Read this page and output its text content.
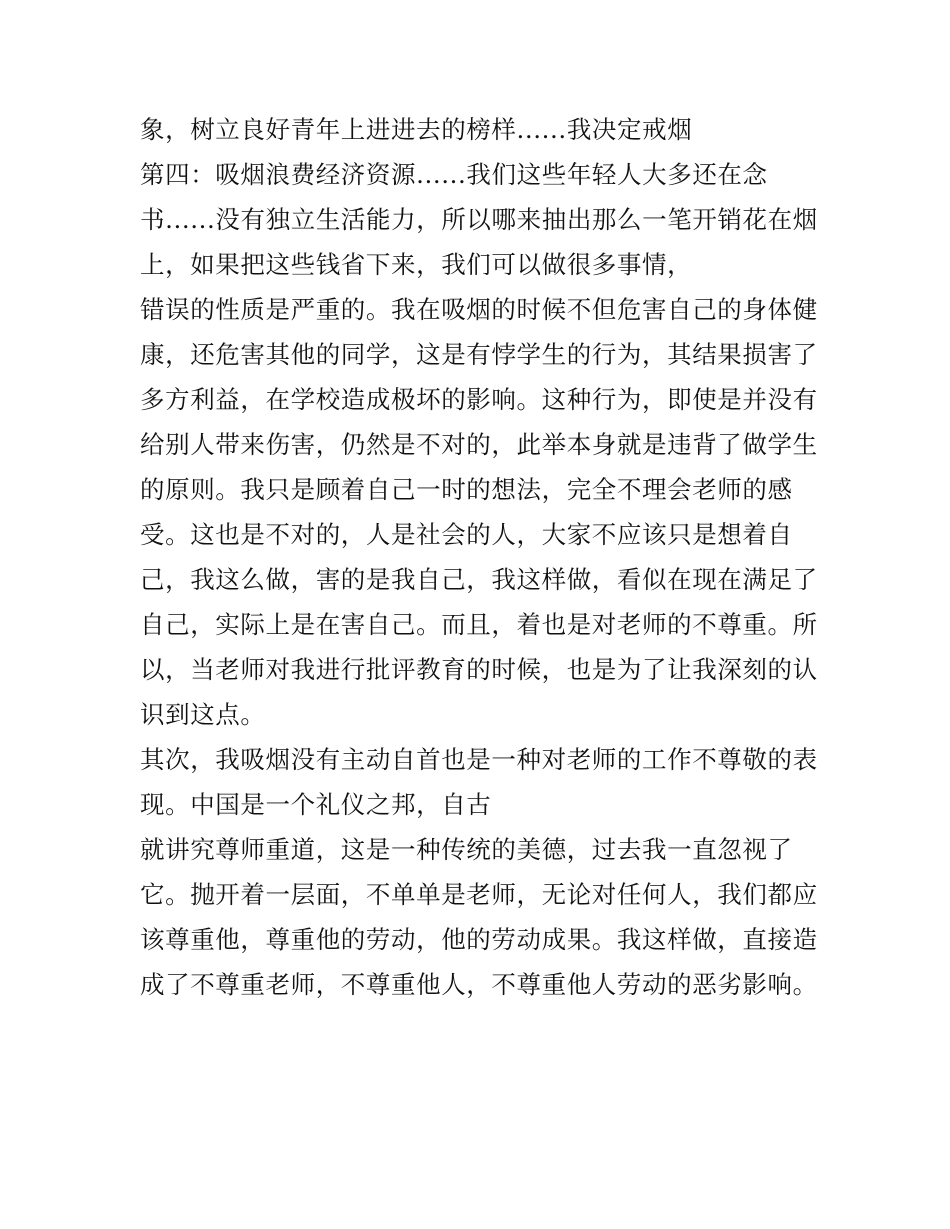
象，树立良好青年上进进去的榜样......我决定戒烟
第四：吸烟浪费经济资源......我们这些年轻人大多还在念
书......没有独立生活能力，所以哪来抽出那么一笔开销花在烟
上，如果把这些钱省下来，我们可以做很多事情，
错误的性质是严重的。我在吸烟的时候不但危害自己的身体健
康，还危害其他的同学，这是有悖学生的行为，其结果损害了
多方利益，在学校造成极坏的影响。这种行为，即使是并没有
给别人带来伤害，仍然是不对的，此举本身就是违背了做学生
的原则。我只是顾着自己一时的想法，完全不理会老师的感
受。这也是不对的，人是社会的人，大家不应该只是想着自
己，我这么做，害的是我自己，我这样做，看似在现在满足了
自己，实际上是在害自己。而且，着也是对老师的不尊重。所
以，当老师对我进行批评教育的时候，也是为了让我深刻的认
识到这点。
其次，我吸烟没有主动自首也是一种对老师的工作不尊敬的表
现。中国是一个礼仪之邦，自古
就讲究尊师重道，这是一种传统的美德，过去我一直忽视了
它。抛开着一层面，不单单是老师，无论对任何人，我们都应
该尊重他，尊重他的劳动，他的劳动成果。我这样做，直接造
成了不尊重老师，不尊重他人，不尊重他人劳动的恶劣影响。
